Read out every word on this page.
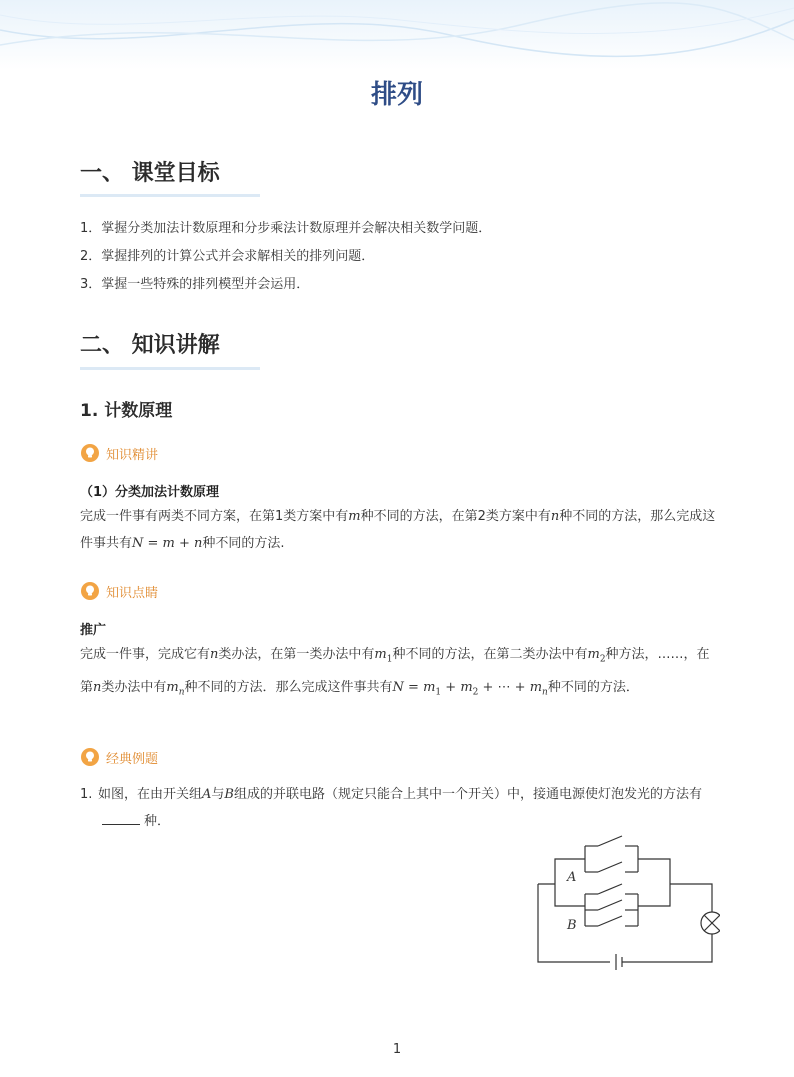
排列
一、 课堂目标
1．掌握分类加法计数原理和分步乘法计数原理并会解决相关数学问题．
2．掌握排列的计算公式并会求解相关的排列问题．
3．掌握一些特殊的排列模型并会运用．
二、 知识讲解
1. 计数原理
知识精讲
（1）分类加法计数原理
完成一件事有两类不同方案，在第1类方案中有m种不同的方法，在第2类方案中有n种不同的方法，那么完成这件事共有N = m + n种不同的方法.
知识点睛
推广
完成一件事，完成它有n类办法，在第一类办法中有$m_1$种不同的方法，在第二类办法中有$m_2$种方法，……，在第n类办法中有$m_n$种不同的方法．那么完成这件事共有$N = m_1 + m_2$ + ⋯ + $m_n$种不同的方法．
经典例题
1. 如图，在由开关组A与B组成的并联电路（规定只能合上其中一个开关）中，接通电源使灯泡发光的方法有种．
A
B
1
